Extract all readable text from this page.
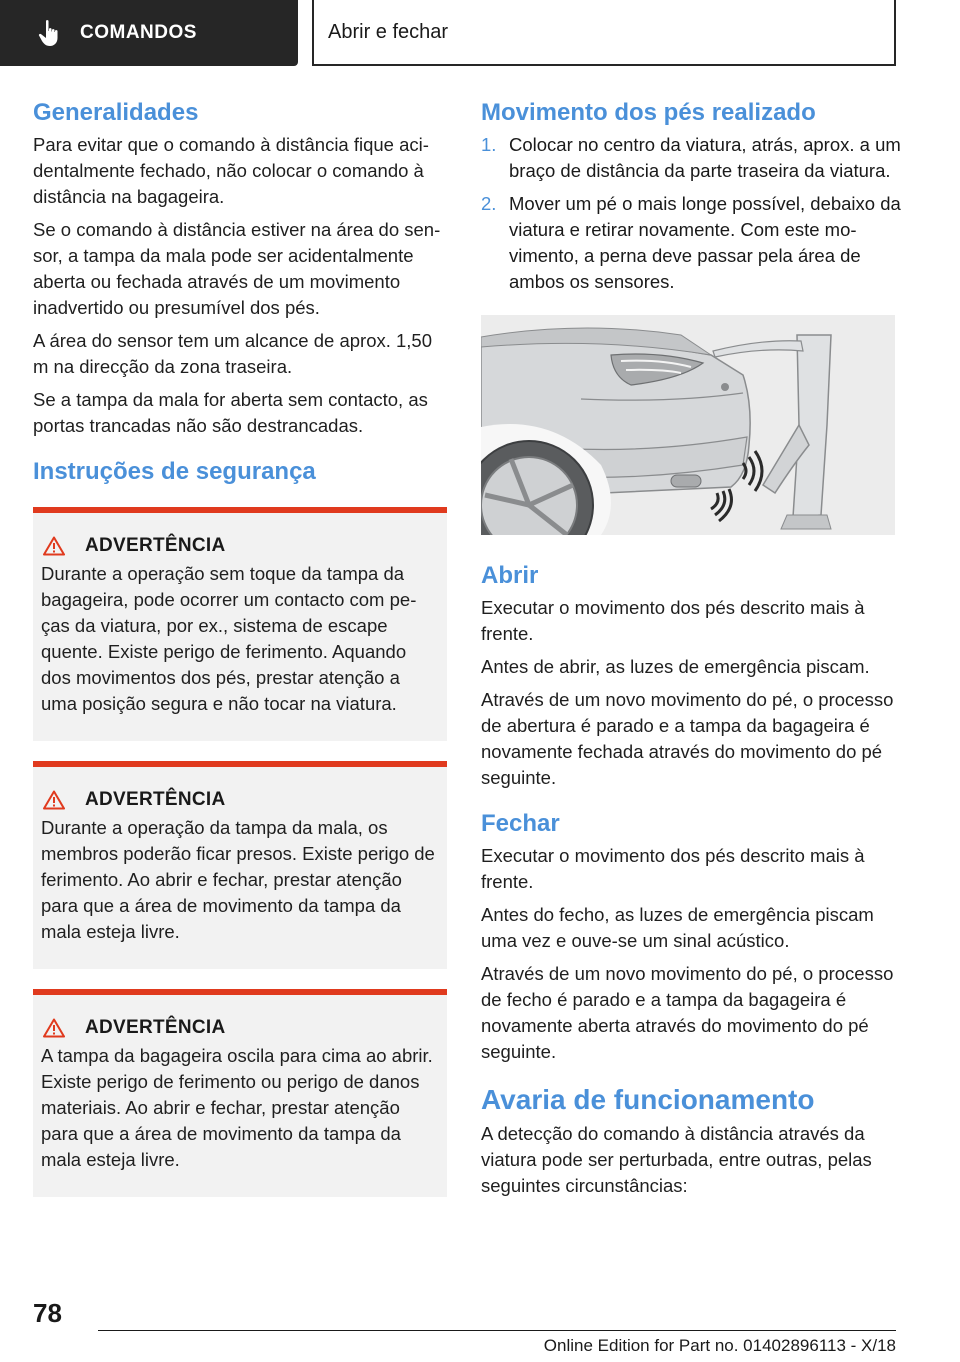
COMANDOS	Abrir e fechar
Generalidades

Para evitar que o comando à distância fique acidentalmente fechado, não colocar o comando à distância na bagageira.

Se o comando à distância estiver na área do sensor, a tampa da mala pode ser acidentalmente aberta ou fechada através de um movimento inadvertido ou presumível dos pés.

A área do sensor tem um alcance de aprox. 1,50 m na direcção da zona traseira.

Se a tampa da mala for aberta sem contacto, as portas trancadas não são destrancadas.

Instruções de segurança
ADVERTÊNCIA

Durante a operação sem toque da tampa da bagageira, pode ocorrer um contacto com peças da viatura, por ex., sistema de escape quente. Existe perigo de ferimento. Aquando dos movimentos dos pés, prestar atenção a uma posição segura e não tocar na viatura.

ADVERTÊNCIA

Durante a operação da tampa da mala, os membros poderão ficar presos. Existe perigo de ferimento. Ao abrir e fechar, prestar atenção para que a área de movimento da tampa da mala esteja livre.

ADVERTÊNCIA

A tampa da bagageira oscila para cima ao abrir. Existe perigo de ferimento ou perigo de danos materiais. Ao abrir e fechar, prestar atenção para que a área de movimento da tampa da mala esteja livre.

Movimento dos pés realizado
1. Colocar no centro da viatura, atrás, aprox. a um braço de distância da parte traseira da viatura.
2. Mover um pé o mais longe possível, debaixo da viatura e retirar novamente. Com este movimento, a perna deve passar pela área de ambos os sensores.
Abrir

Executar o movimento dos pés descrito mais à frente.

Antes de abrir, as luzes de emergência piscam.

Através de um novo movimento do pé, o processo de abertura é parado e a tampa da bagageira é novamente fechada através do movimento do pé seguinte.

Fechar

Executar o movimento dos pés descrito mais à frente.

Antes do fecho, as luzes de emergência piscam uma vez e ouve-se um sinal acústico.

Através de um novo movimento do pé, o processo de fecho é parado e a tampa da bagageira é novamente aberta através do movimento do pé seguinte.

Avaria de funcionamento

A detecção do comando à distância através da viatura pode ser perturbada, entre outras, pelas seguintes circunstâncias:

78
Online Edition for Part no. 01402896113 - X/18
